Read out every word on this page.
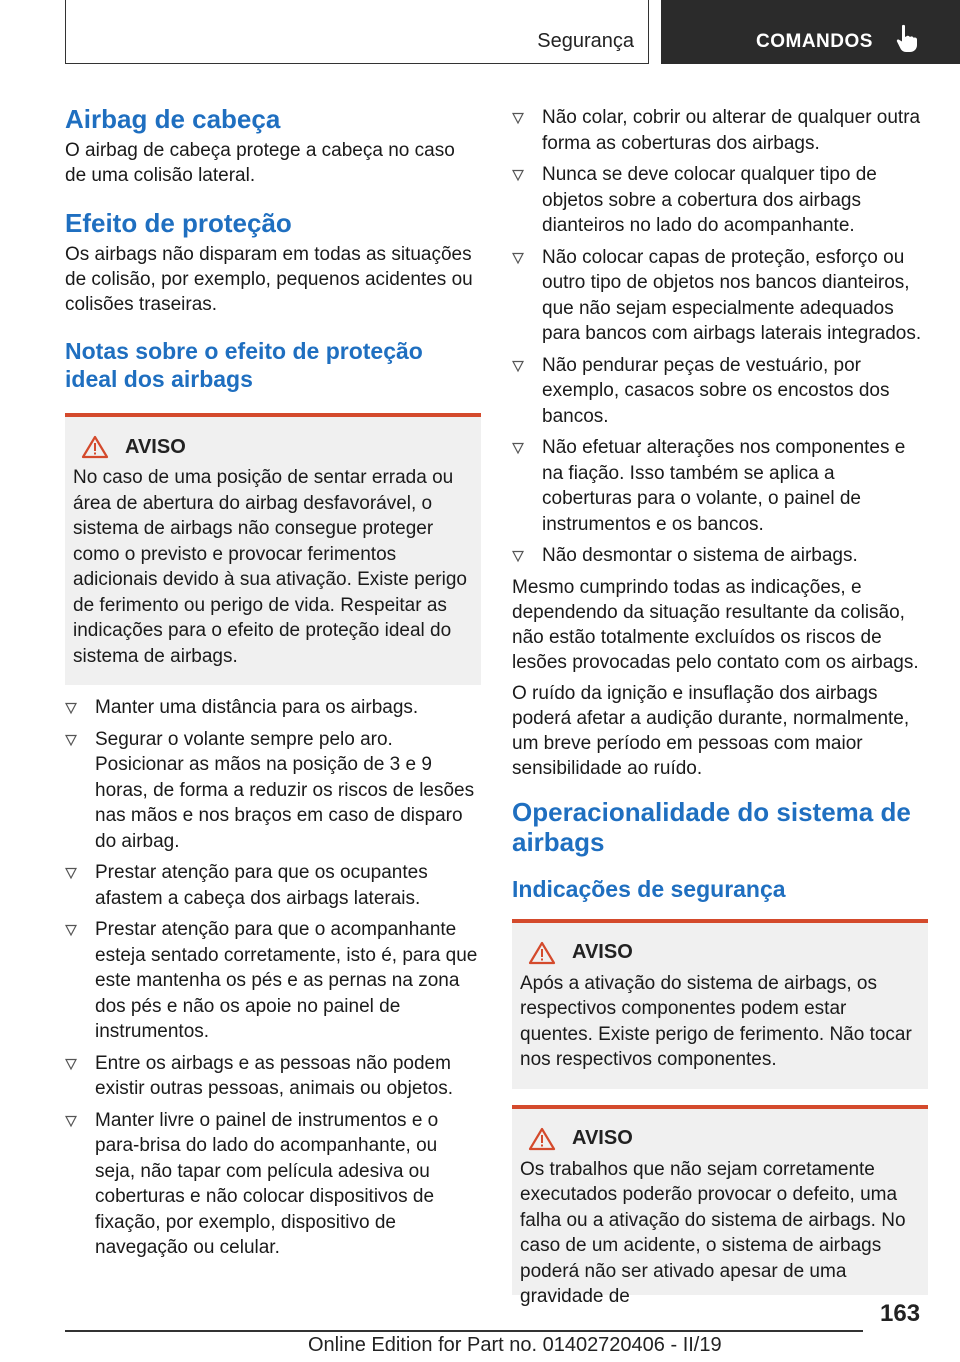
Segurança	COMANDOS
Airbag de cabeça

O airbag de cabeça protege a cabeça no caso de uma colisão lateral.

Efeito de proteção

Os airbags não disparam em todas as situações de colisão, por exemplo, pequenos acidentes ou colisões traseiras.

Notas sobre o efeito de proteção ideal dos airbags
AVISO
No caso de uma posição de sentar errada ou área de abertura do airbag desfavorável, o sistema de airbags não consegue proteger como o previsto e provocar ferimentos adicionais devido à sua ativação. Existe perigo de ferimento ou perigo de vida. Respeitar as indicações para o efeito de proteção ideal do sistema de airbags.
Manter uma distância para os airbags.
Segurar o volante sempre pelo aro. Posicionar as mãos na posição de 3 e 9 horas, de forma a reduzir os riscos de lesões nas mãos e nos braços em caso de disparo do airbag.
Prestar atenção para que os ocupantes afastem a cabeça dos airbags laterais.
Prestar atenção para que o acompanhante esteja sentado corretamente, isto é, para que este mantenha os pés e as pernas na zona dos pés e não os apoie no painel de instrumentos.
Entre os airbags e as pessoas não podem existir outras pessoas, animais ou objetos.
Manter livre o painel de instrumentos e o para-brisa do lado do acompanhante, ou seja, não tapar com película adesiva ou coberturas e não colocar dispositivos de fixação, por exemplo, dispositivo de navegação ou celular.
Não colar, cobrir ou alterar de qualquer outra forma as coberturas dos airbags.
Nunca se deve colocar qualquer tipo de objetos sobre a cobertura dos airbags dianteiros no lado do acompanhante.
Não colocar capas de proteção, esforço ou outro tipo de objetos nos bancos dianteiros, que não sejam especialmente adequados para bancos com airbags laterais integrados.
Não pendurar peças de vestuário, por exemplo, casacos sobre os encostos dos bancos.
Não efetuar alterações nos componentes e na fiação. Isso também se aplica a coberturas para o volante, o painel de instrumentos e os bancos.
Não desmontar o sistema de airbags.

Mesmo cumprindo todas as indicações, e dependendo da situação resultante da colisão, não estão totalmente excluídos os riscos de lesões provocadas pelo contato com os airbags.

O ruído da ignição e insuflação dos airbags poderá afetar a audição durante, normalmente, um breve período em pessoas com maior sensibilidade ao ruído.

Operacionalidade do sistema de airbags
Indicações de segurança
AVISO
Após a ativação do sistema de airbags, os respectivos componentes podem estar quentes. Existe perigo de ferimento. Não tocar nos respectivos componentes.
AVISO
Os trabalhos que não sejam corretamente executados poderão provocar o defeito, uma falha ou a ativação do sistema de airbags. No caso de um acidente, o sistema de airbags poderá não ser ativado apesar de uma gravidade de
163
Online Edition for Part no. 01402720406 - II/19
